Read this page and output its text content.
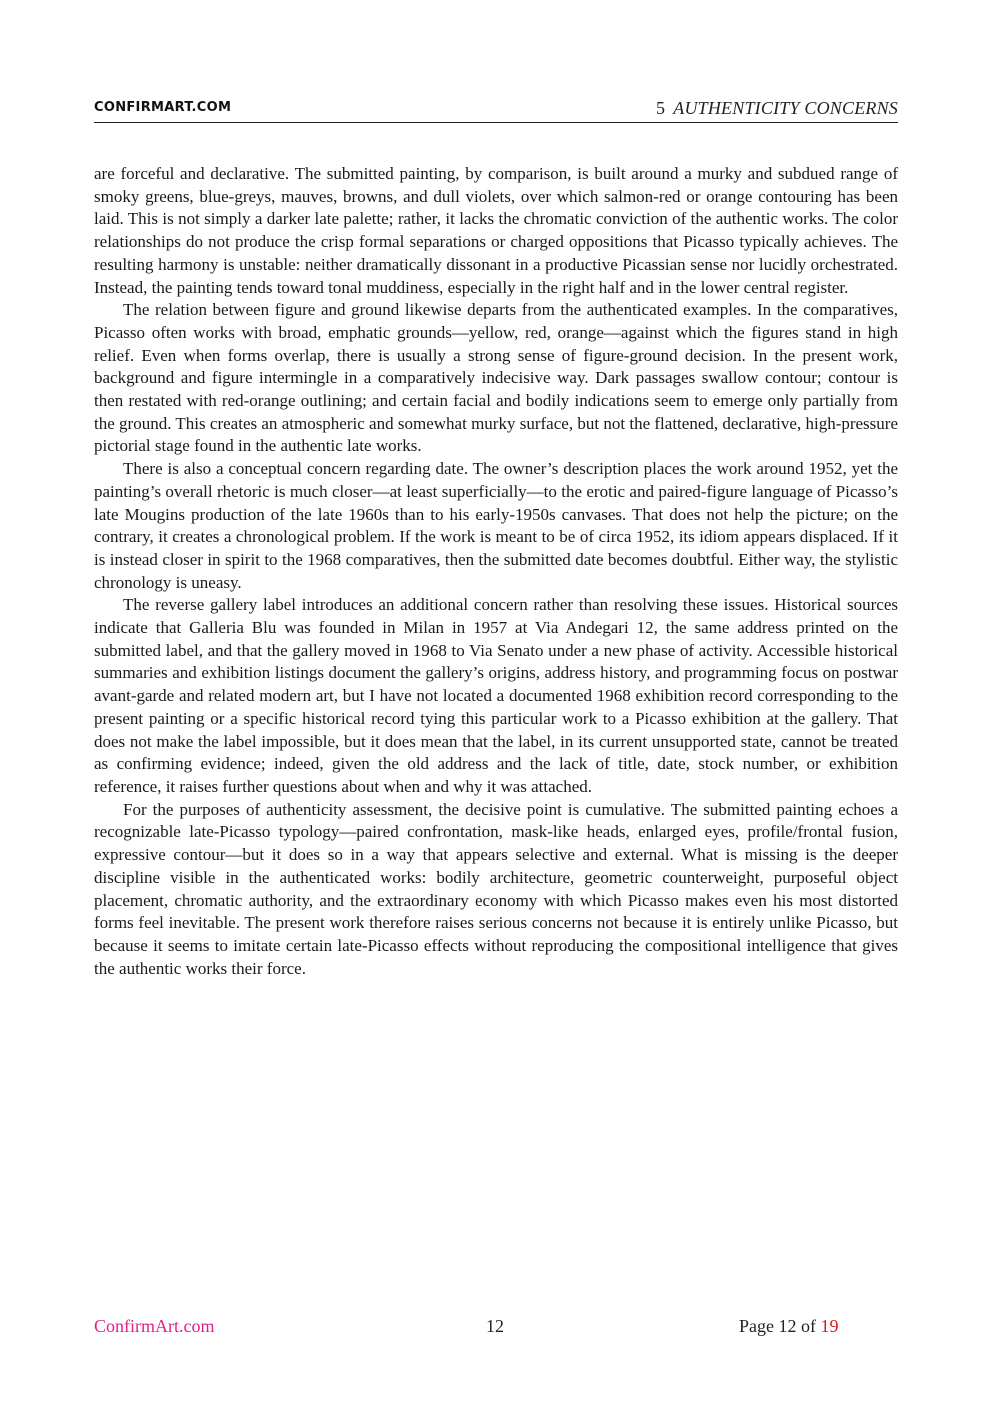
CONFIRMART.COM	5 AUTHENTICITY CONCERNS

are forceful and declarative. The submitted painting, by comparison, is built around a murky and subdued range of smoky greens, blue-greys, mauves, browns, and dull violets, over which salmon-red or orange contouring has been laid. This is not simply a darker late palette; rather, it lacks the chromatic conviction of the authentic works. The color relationships do not produce the crisp formal separations or charged oppositions that Picasso typically achieves. The resulting harmony is unstable: neither dramatically dissonant in a productive Picassian sense nor lucidly orchestrated. Instead, the painting tends toward tonal muddiness, especially in the right half and in the lower central register.

The relation between figure and ground likewise departs from the authenticated examples. In the comparatives, Picasso often works with broad, emphatic grounds—yellow, red, orange—against which the figures stand in high relief. Even when forms overlap, there is usually a strong sense of figure-ground decision. In the present work, background and figure intermingle in a comparatively indecisive way. Dark passages swallow contour; contour is then restated with red-orange outlining; and certain facial and bodily indications seem to emerge only partially from the ground. This creates an atmospheric and somewhat murky surface, but not the flattened, declarative, high-pressure pictorial stage found in the authentic late works.

There is also a conceptual concern regarding date. The owner’s description places the work around 1952, yet the painting’s overall rhetoric is much closer—at least superficially—to the erotic and paired-figure language of Picasso’s late Mougins production of the late 1960s than to his early-1950s canvases. That does not help the picture; on the contrary, it creates a chronological problem. If the work is meant to be of circa 1952, its idiom appears displaced. If it is instead closer in spirit to the 1968 comparatives, then the submitted date becomes doubtful. Either way, the stylistic chronology is uneasy.

The reverse gallery label introduces an additional concern rather than resolving these issues. Historical sources indicate that Galleria Blu was founded in Milan in 1957 at Via Andegari 12, the same address printed on the submitted label, and that the gallery moved in 1968 to Via Senato under a new phase of activity. Accessible historical summaries and exhibition listings document the gallery’s origins, address history, and programming focus on postwar avant-garde and related modern art, but I have not located a documented 1968 exhibition record corresponding to the present painting or a specific historical record tying this particular work to a Picasso exhibition at the gallery. That does not make the label impossible, but it does mean that the label, in its current unsupported state, cannot be treated as confirming evidence; indeed, given the old address and the lack of title, date, stock number, or exhibition reference, it raises further questions about when and why it was attached.

For the purposes of authenticity assessment, the decisive point is cumulative. The submitted painting echoes a recognizable late-Picasso typology—paired confrontation, mask-like heads, enlarged eyes, profile/frontal fusion, expressive contour—but it does so in a way that appears selective and external. What is missing is the deeper discipline visible in the authenticated works: bodily architecture, geometric counterweight, purposeful object placement, chromatic authority, and the extraordinary economy with which Picasso makes even his most distorted forms feel inevitable. The present work therefore raises serious concerns not because it is entirely unlike Picasso, but because it seems to imitate certain late-Picasso effects without reproducing the compositional intelligence that gives the authentic works their force.

ConfirmArt.com	12	Page 12 of 19
